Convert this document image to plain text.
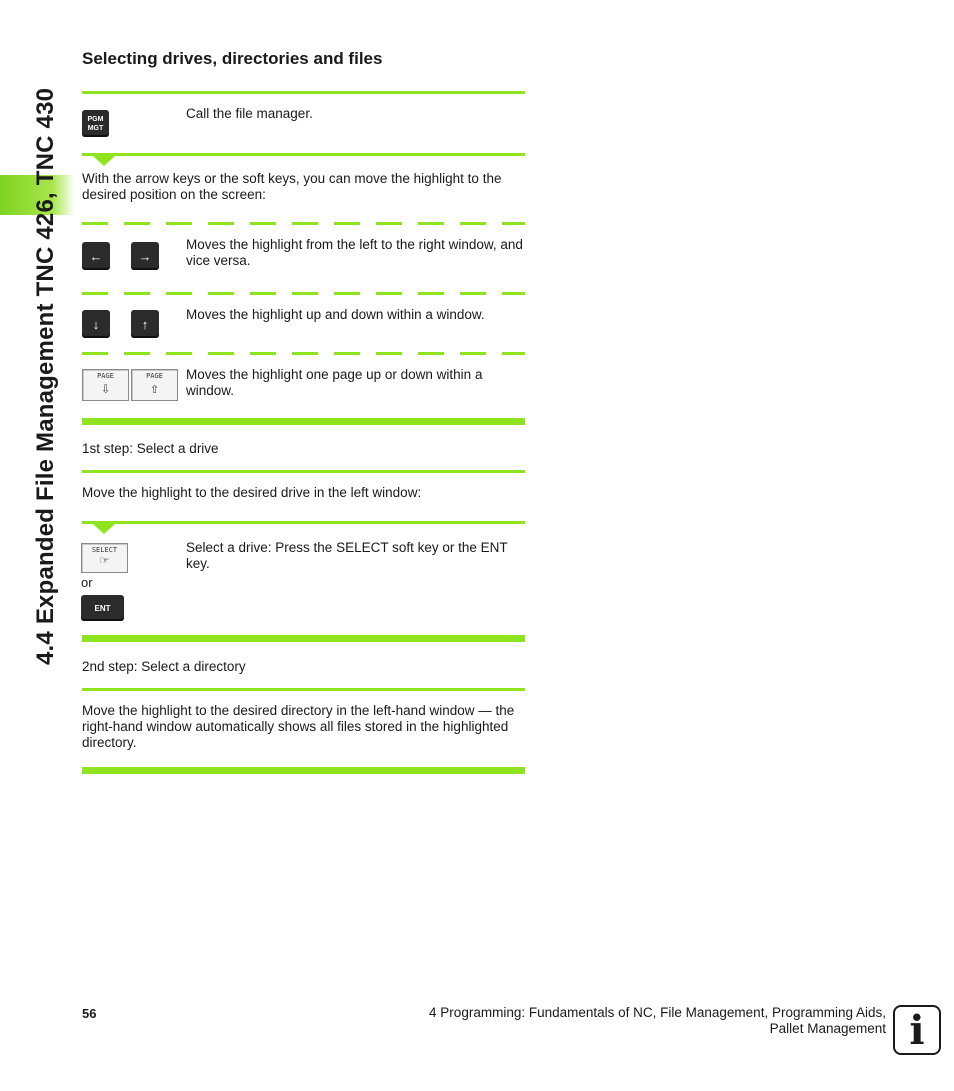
4.4 Expanded File Management TNC 426, TNC 430
Selecting drives, directories and files
PGM MGT
Call the file manager.
With the arrow keys or the soft keys, you can move the highlight to the desired position on the screen:
←	→
Moves the highlight from the left to the right window, and vice versa.
↓	↑
Moves the highlight up and down within a window.
PAGE
⇩
PAGE
⇧
Moves the highlight one page up or down within a window.
1st step: Select a drive
Move the highlight to the desired drive in the left window:
SELECT
☞
or
ENT
Select a drive: Press the SELECT soft key or the ENT key.
2nd step: Select a directory
Move the highlight to the desired directory in the left-hand window — the right-hand window automatically shows all files stored in the highlighted directory.
56	4 Programming: Fundamentals of NC, File Management, Programming Aids, Pallet Management i
